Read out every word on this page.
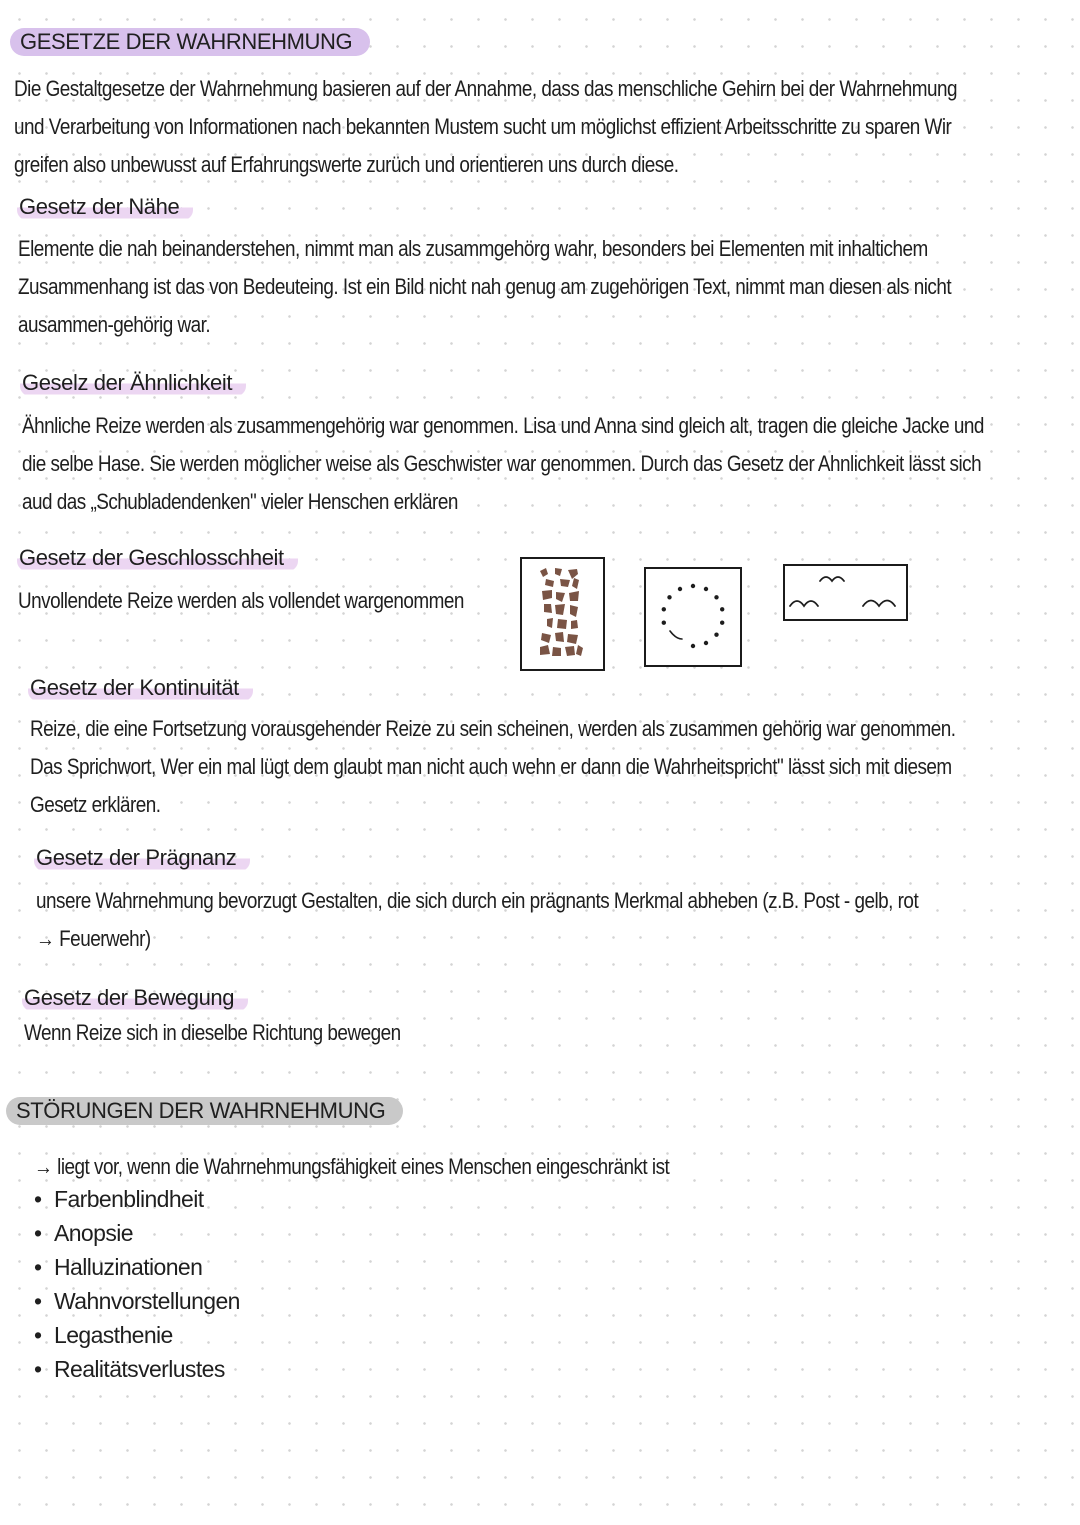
GESETZE DER WAHRNEHMUNG
Die Gestaltgesetze der Wahrnehmung basieren auf der Annahme, dass das menschliche Gehirn bei der Wahrnehmung
und Verarbeitung von Informationen nach bekannten Mustem sucht um möglichst effizient Arbeitsschritte zu sparen Wir
greifen also unbewusst auf Erfahrungswerte zurüch und orientieren uns durch diese.
Gesetz der Nähe
Elemente die nah beinanderstehen, nimmt man als zusammgehörg wahr, besonders bei Elementen mit inhaltichem
Zusammenhang ist das von Bedeuteing. Ist ein Bild nicht nah genug am zugehörigen Text, nimmt man diesen als nicht
ausammen-gehörig war.
Geselz der Ähnlichkeit
Ähnliche Reize werden als zusammengehörig war genommen. Lisa und Anna sind gleich alt, tragen die gleiche Jacke und
die selbe Hase. Sie werden möglicher weise als Geschwister war genommen. Durch das Gesetz der Ahnlichkeit lässt sich
aud das „Schubladendenken" vieler Henschen erklären
Gesetz der Geschlosschheit
Unvollendete Reize werden als vollendet wargenommen
Gesetz der Kontinuität
Reize, die eine Fortsetzung vorausgehender Reize zu sein scheinen, werden als zusammen gehörig war genommen.
Das Sprichwort, Wer ein mal lügt dem glaubt man nicht auch wehn er dann die Wahrheitspricht" lässt sich mit diesem
Gesetz erklären.
Gesetz der Prägnanz
unsere Wahrnehmung bevorzugt Gestalten, die sich durch ein prägnants Merkmal abheben (z.B. Post - gelb, rot
→ Feuerwehr)
Gesetz der Bewegung
Wenn Reize sich in dieselbe Richtung bewegen
STÖRUNGEN DER WAHRNEHMUNG
→ liegt vor, wenn die Wahrnehmungsfähigkeit eines Menschen eingeschränkt ist
• Farbenblindheit
• Anopsie
• Halluzinationen
• Wahnvorstellungen
• Legasthenie
• Realitätsverlustes
